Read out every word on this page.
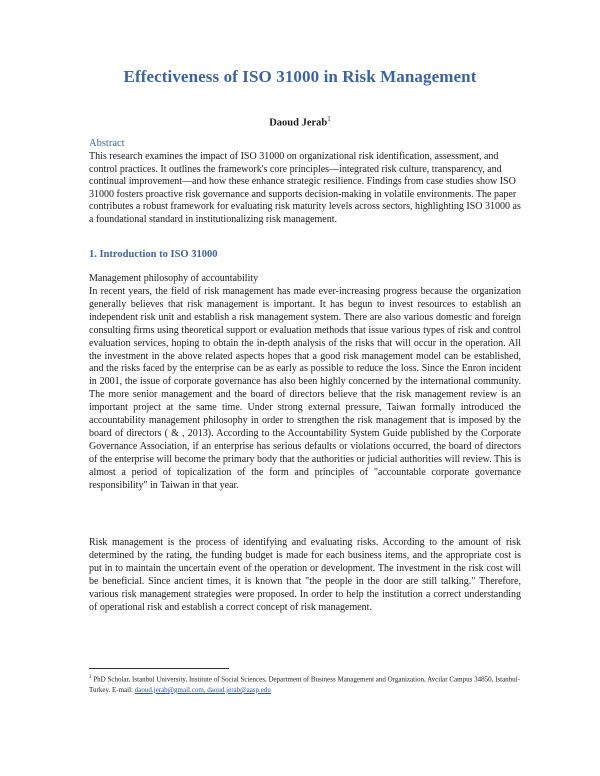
Effectiveness of ISO 31000 in Risk Management
Daoud Jerab$^1$
Abstract
This research examines the impact of ISO 31000 on organizational risk identification, assessment, and control practices. It outlines the framework's core principles—integrated risk culture, transparency, and continual improvement—and how these enhance strategic resilience. Findings from case studies show ISO 31000 fosters proactive risk governance and supports decision-making in volatile environments. The paper contributes a robust framework for evaluating risk maturity levels across sectors, highlighting ISO 31000 as a foundational standard in institutionalizing risk management.
1. Introduction to ISO 31000
Management philosophy of accountability
In recent years, the field of risk management has made ever-increasing progress because the organization generally believes that risk management is important. It has begun to invest resources to establish an independent risk unit and establish a risk management system. There are also various domestic and foreign consulting firms using theoretical support or evaluation methods that issue various types of risk and control evaluation services, hoping to obtain the in-depth analysis of the risks that will occur in the operation. All the investment in the above related aspects hopes that a good risk management model can be established, and the risks faced by the enterprise can be as early as possible to reduce the loss. Since the Enron incident in 2001, the issue of corporate governance has also been highly concerned by the international community. The more senior management and the board of directors believe that the risk management review is an important project at the same time. Under strong external pressure, Taiwan formally introduced the accountability management philosophy in order to strengthen the risk management that is imposed by the board of directors ( & , 2013). According to the Accountability System Guide published by the Corporate Governance Association, if an enterprise has serious defaults or violations occurred, the board of directors of the enterprise will become the primary body that the authorities or judicial authorities will review. This is almost a period of topicalization of the form and principles of "accountable corporate governance responsibility" in Taiwan in that year.
Risk management is the process of identifying and evaluating risks. According to the amount of risk determined by the rating, the funding budget is made for each business items, and the appropriate cost is put in to maintain the uncertain event of the operation or development. The investment in the risk cost will be beneficial. Since ancient times, it is known that "the people in the door are still talking." Therefore, various risk management strategies were proposed. In order to help the institution a correct understanding of operational risk and establish a correct concept of risk management.
$^1$ PhD Scholar, Istanbul University, Institute of Social Sciences, Department of Business Management and Organization, Avcilar Campus 34850, Istanbul-Turkey. E-mail: daoud.jerab@gmail.com, daoud.jerab@aasp.edu
